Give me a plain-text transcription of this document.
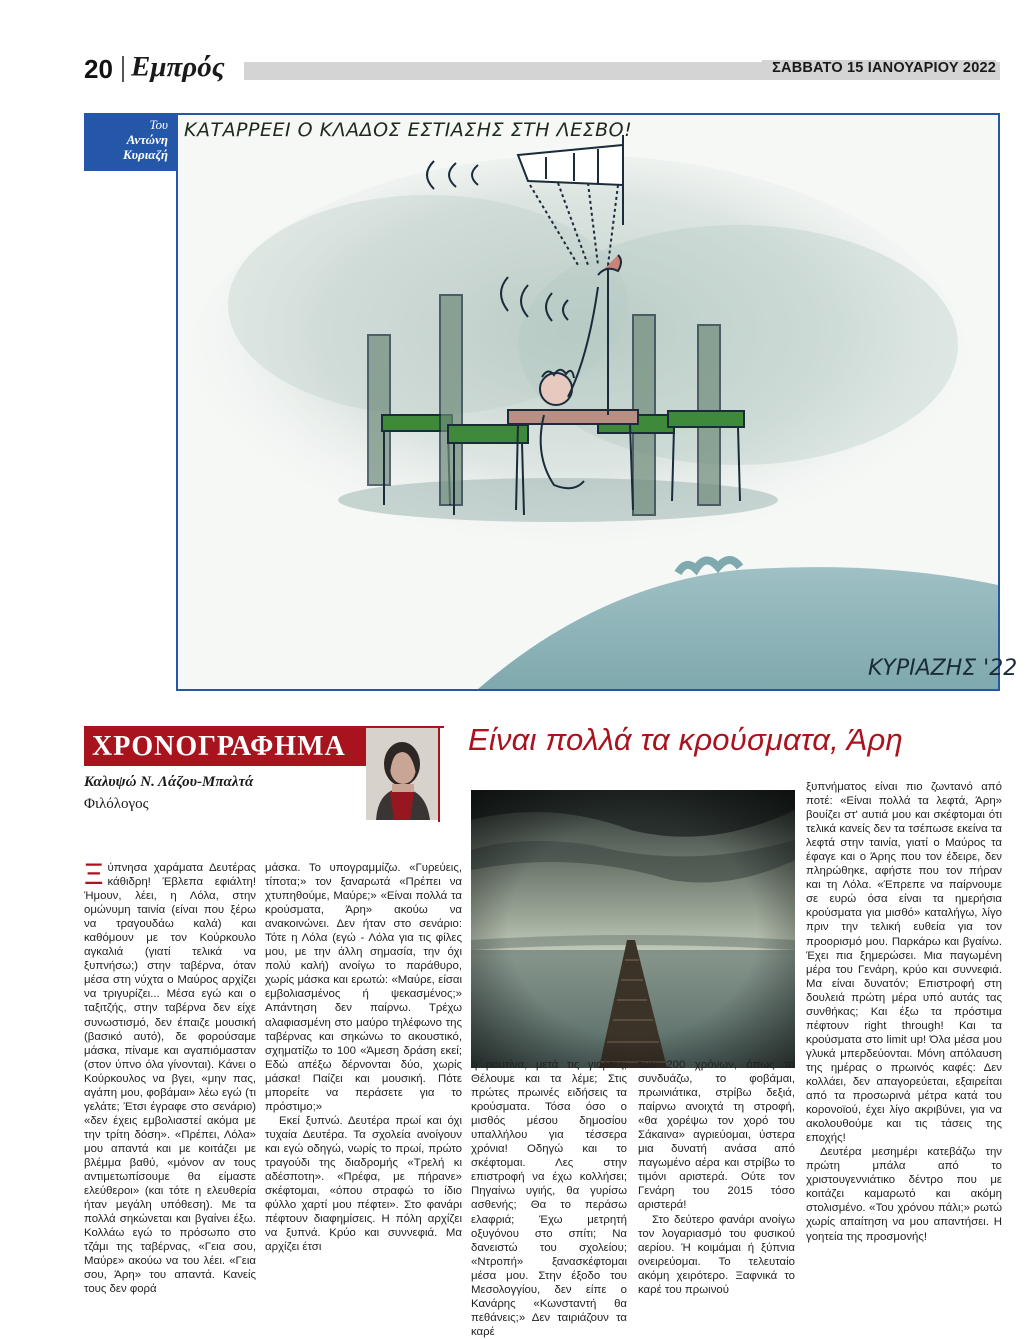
20 Εμπρός	ΣΑΒΒΑΤΟ 15 ΙΑΝΟΥΑΡΙΟΥ 2022
Του
Αντώνη
Κυριαζή
ΚΥΡΙΑΖΗΣ '22
ΚΑΤΑΡΡΕΕΙ Ο ΚΛΑΔΟΣ ΕΣΤΙΑΣΗΣ ΣΤΗ ΛΕΣΒΟ!
ΧΡΟΝΟΓΡΑΦΗΜΑ
Καλυψώ Ν. Λάζου-Μπαλτά
Φιλόλογος
Είναι πολλά τα κρούσματα, Άρη
Ξ ύπνησα χαράματα Δευτέρας κάθιδρη! Έβλεπα εφιάλτη! Ήμουν, λέει, η Λόλα, στην ομώνυμη ταινία (είναι που ξέρω να τραγουδάω καλά) και καθόμουν με τον Κούρκουλο αγκαλιά (γιατί τελικά να ξυπνήσω;) στην ταβέρνα, όταν μέσα στη νύχτα ο Μαύρος αρχίζει να τριγυρίζει... Μέσα εγώ και ο ταξιτζής, στην ταβέρνα δεν είχε συνωστισμό, δεν έπαιζε μουσική (βασικό αυτό), δε φορούσαμε μάσκα, πίναμε και αγαπιόμασταν (στον ύπνο όλα γίνονται). Κάνει ο Κούρκουλος να βγει, «μην πας, αγάπη μου, φοβάμαι» λέω εγώ (τι γελάτε; Έτσι έγραφε στο σενάριο) «δεν έχεις εμβολιαστεί ακόμα με την τρίτη δόση». «Πρέπει, Λόλα» μου απαντά και με κοιτάζει με βλέμμα βαθύ, «μόνον αν τους αντιμετωπίσουμε θα είμαστε ελεύθεροι» (και τότε η ελευθερία ήταν μεγάλη υπόθεση). Με τα πολλά σηκώνεται και βγαίνει έξω. Κολλάω εγώ το πρόσωπο στο τζάμι της ταβέρνας, «Γεια σου, Μαύρε» ακούω να του λέει. «Γεια σου, Άρη» του απαντά. Κανείς τους δεν φορά

μάσκα. Το υπογραμμίζω. «Γυρεύεις, τίποτα;» τον ξαναρωτά «Πρέπει να χτυπηθούμε, Μαύρε;» «Είναι πολλά τα κρούσματα, Άρη» ακούω να ανακοινώνει. Δεν ήταν στο σενάριο: Τότε η Λόλα (εγώ - Λόλα για τις φίλες μου, με την άλλη σημασία, την όχι πολύ καλή) ανοίγω το παράθυρο, χωρίς μάσκα και ερωτώ: «Μαύρε, είσαι εμβολιασμένος ή ψεκασμένος;» Απάντηση δεν παίρνω. Τρέχω αλαφιασμένη στο μαύρο τηλέφωνο της ταβέρνας και σηκώνω το ακουστικό, σχηματίζω το 100 «Άμεση δράση εκεί; Εδώ απέξω δέρνονται δύο, χωρίς μάσκα! Παίζει και μουσική. Πότε μπορείτε να περάσετε για το πρόστιμο;»

Εκεί ξυπνώ. Δευτέρα πρωί και όχι τυχαία Δευτέρα. Τα σχολεία ανοίγουν και εγώ οδηγώ, νωρίς το πρωί, πρώτο τραγούδι της διαδρομής «Τρελή κι αδέσποτη». «Πρέφα, με πήρανε» σκέφτομαι, «όπου στραφώ το ίδιο φύλλο χαρτί μου πέφτει». Στο φανάρι πέφτουν διαφημίσεις. Η πόλη αρχίζει να ξυπνά. Κρύο και συννεφιά. Μα αρχίζει έτσι

η ρουτίνα, μετά τις γιορτές; Θέλουμε και τα λέμε; Στις πρώτες πρωινές ειδήσεις τα κρούσματα. Τόσα όσο ο μισθός μέσου δημοσίου υπαλλήλου για τέσσερα χρόνια! Οδηγώ και το σκέφτομαι. Λες στην επιστροφή να έχω κολλήσει; Πηγαίνω υγιής, θα γυρίσω ασθενής; Θα το περάσω ελαφριά; Έχω μετρητή οξυγόνου στο σπίτι; Να δανειστώ του σχολείου; «Ντροπή» ξανασκέφτομαι μέσα μου. Στην έξοδο του Μεσολογγίου, δεν είπε ο Κανάρης «Κωνσταντή θα πεθάνεις;» Δεν ταιριάζουν τα καρέ

των 200 χρόνων, όπως τα συνδυάζω, το φοβάμαι, πρωινιάτικα, στρίβω δεξιά, παίρνω ανοιχτά τη στροφή, «θα χορέψω τον χορό του Σάκαινα» αγριεύομαι, ύστερα μια δυνατή ανάσα από παγωμένο αέρα και στρίβω το τιμόνι αριστερά. Ούτε τον Γενάρη του 2015 τόσο αριστερά!

Στο δεύτερο φανάρι ανοίγω τον λογαριασμό του φυσικού αερίου. Ή κοιμάμαι ή ξύπνια ονειρεύομαι. Το τελευταίο ακόμη χειρότερο. Ξαφνικά το καρέ του πρωινού

ξυπνήματος είναι πιο ζωντανό από ποτέ: «Είναι πολλά τα λεφτά, Άρη» βουίζει στ' αυτιά μου και σκέφτομαι ότι τελικά κανείς δεν τα τσέπωσε εκείνα τα λεφτά στην ταινία, γιατί ο Μαύρος τα έφαγε και ο Άρης που τον έδειρε, δεν πληρώθηκε, αφήστε που τον πήραν και τη Λόλα. «Έπρεπε να παίρνουμε σε ευρώ όσα είναι τα ημερήσια κρούσματα για μισθό» καταλήγω, λίγο πριν την τελική ευθεία για τον προορισμό μου. Παρκάρω και βγαίνω. Έχει πια ξημερώσει. Μια παγωμένη μέρα του Γενάρη, κρύο και συννεφιά. Μα είναι δυνατόν; Επιστροφή στη δουλειά πρώτη μέρα υπό αυτάς τας συνθήκας; Και έξω τα πρόστιμα πέφτουν right through! Και τα κρούσματα στο limit up! Όλα μέσα μου γλυκά μπερδεύονται. Μόνη απόλαυση της ημέρας ο πρωινός καφές: Δεν κολλάει, δεν απαγορεύεται, εξαιρείται από τα προσωρινά μέτρα κατά του κορονοϊού, έχει λίγο ακριβύνει, για να ακολουθούμε και τις τάσεις της εποχής!

Δευτέρα μεσημέρι κατεβάζω την πρώτη μπάλα από το χριστουγεννιάτικο δέντρο που με κοιτάζει καμαρωτό και ακόμη στολισμένο. «Του χρόνου πάλι;» ρωτώ χωρίς απαίτηση να μου απαντήσει. Η γοητεία της προσμονής!
